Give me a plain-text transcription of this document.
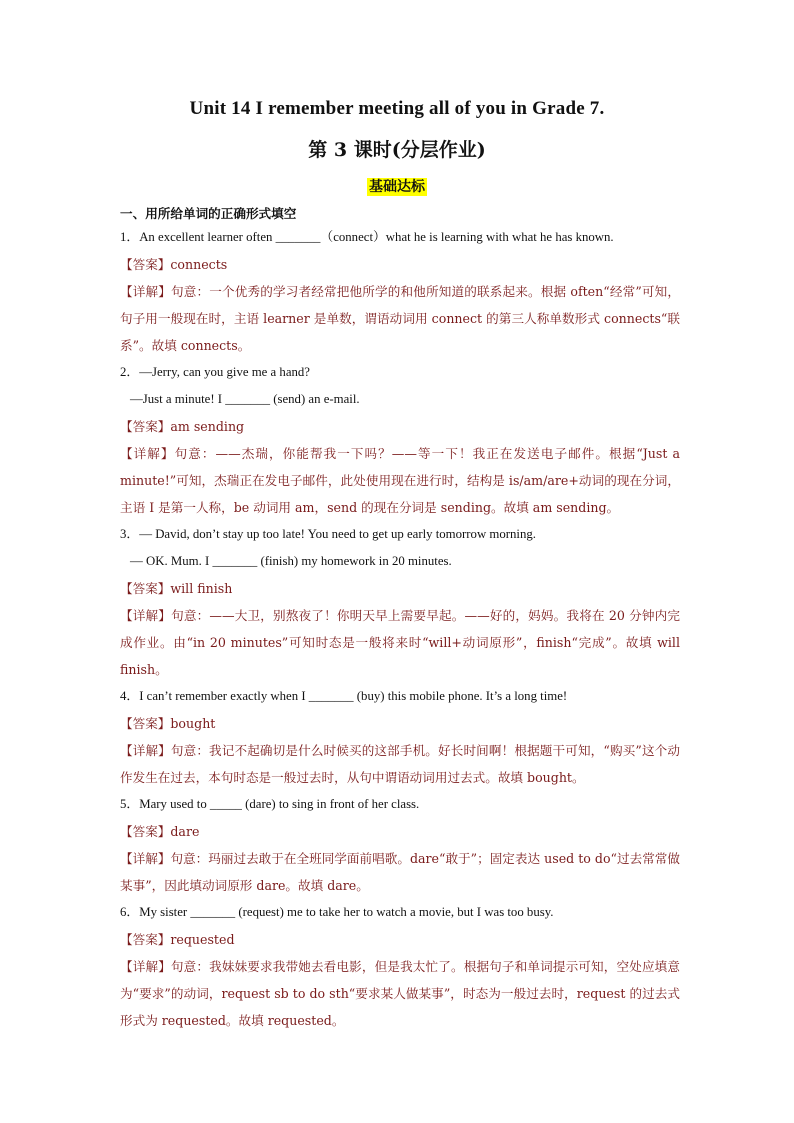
Unit 14 I remember meeting all of you in Grade 7.
第 3 课时(分层作业)
基础达标
一、用所给单词的正确形式填空
1．An excellent learner often _______（connect）what he is learning with what he has known.
【答案】connects
【详解】句意：一个优秀的学习者经常把他所学的和他所知道的联系起来。根据 often“经常”可知，句子用一般现在时，主语 learner 是单数，谓语动词用 connect 的第三人称单数形式 connects“联系”。故填 connects。
2．—Jerry, can you give me a hand?
—Just a minute! I _______ (send) an e-mail.
【答案】am sending
【详解】句意：——杰瑞，你能帮我一下吗？——等一下！我正在发送电子邮件。根据“Just a minute!”可知，杰瑞正在发电子邮件，此处使用现在进行时，结构是 is/am/are+动词的现在分词，主语 I 是第一人称，be 动词用 am，send 的现在分词是 sending。故填 am sending。
3．— David, don’t stay up too late! You need to get up early tomorrow morning.
— OK. Mum. I _______ (finish) my homework in 20 minutes.
【答案】will finish
【详解】句意：——大卫，别熬夜了！你明天早上需要早起。——好的，妈妈。我将在 20 分钟内完成作业。由“in 20 minutes”可知时态是一般将来时“will+动词原形”，finish“完成”。故填 will finish。
4．I can’t remember exactly when I _______ (buy) this mobile phone. It’s a long time!
【答案】bought
【详解】句意：我记不起确切是什么时候买的这部手机。好长时间啊！根据题干可知，“购买”这个动作发生在过去，本句时态是一般过去时，从句中谓语动词用过去式。故填 bought。
5．Mary used to _____ (dare) to sing in front of her class.
【答案】dare
【详解】句意：玛丽过去敢于在全班同学面前唱歌。dare“敢于”；固定表达 used to do“过去常常做某事”，因此填动词原形 dare。故填 dare。
6．My sister _______ (request) me to take her to watch a movie, but I was too busy.
【答案】requested
【详解】句意：我妹妹要求我带她去看电影，但是我太忙了。根据句子和单词提示可知，空处应填意为“要求”的动词，request sb to do sth“要求某人做某事”，时态为一般过去时，request 的过去式形式为 requested。故填 requested。
